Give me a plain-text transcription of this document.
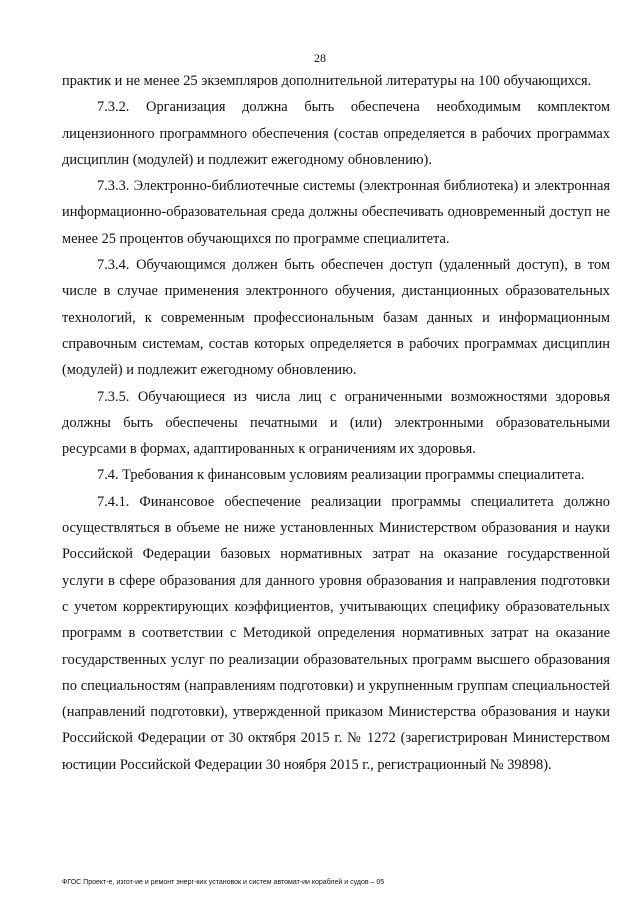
28

практик и не менее 25 экземпляров дополнительной литературы на 100 обучающихся.

7.3.2. Организация должна быть обеспечена необходимым комплектом лицензионного программного обеспечения (состав определяется в рабочих программах дисциплин (модулей) и подлежит ежегодному обновлению).

7.3.3. Электронно-библиотечные системы (электронная библиотека) и электронная информационно-образовательная среда должны обеспечивать одновременный доступ не менее 25 процентов обучающихся по программе специалитета.

7.3.4. Обучающимся должен быть обеспечен доступ (удаленный доступ), в том числе в случае применения электронного обучения, дистанционных образовательных технологий, к современным профессиональным базам данных и информационным справочным системам, состав которых определяется в рабочих программах дисциплин (модулей) и подлежит ежегодному обновлению.

7.3.5. Обучающиеся из числа лиц с ограниченными возможностями здоровья должны быть обеспечены печатными и (или) электронными образовательными ресурсами в формах, адаптированных к ограничениям их здоровья.

7.4. Требования к финансовым условиям реализации программы специалитета.

7.4.1. Финансовое обеспечение реализации программы специалитета должно осуществляться в объеме не ниже установленных Министерством образования и науки Российской Федерации базовых нормативных затрат на оказание государственной услуги в сфере образования для данного уровня образования и направления подготовки с учетом корректирующих коэффициентов, учитывающих специфику образовательных программ в соответствии с Методикой определения нормативных затрат на оказание государственных услуг по реализации образовательных программ высшего образования по специальностям (направлениям подготовки) и укрупненным группам специальностей (направлений подготовки), утвержденной приказом Министерства образования и науки Российской Федерации от 30 октября 2015 г. № 1272 (зарегистрирован Министерством юстиции Российской Федерации 30 ноября 2015 г., регистрационный № 39898).

ФГОС Проект-е, изгот-ие и ремонт энерг-ких установок и систем автомат-ии кораблей и судов – 05
